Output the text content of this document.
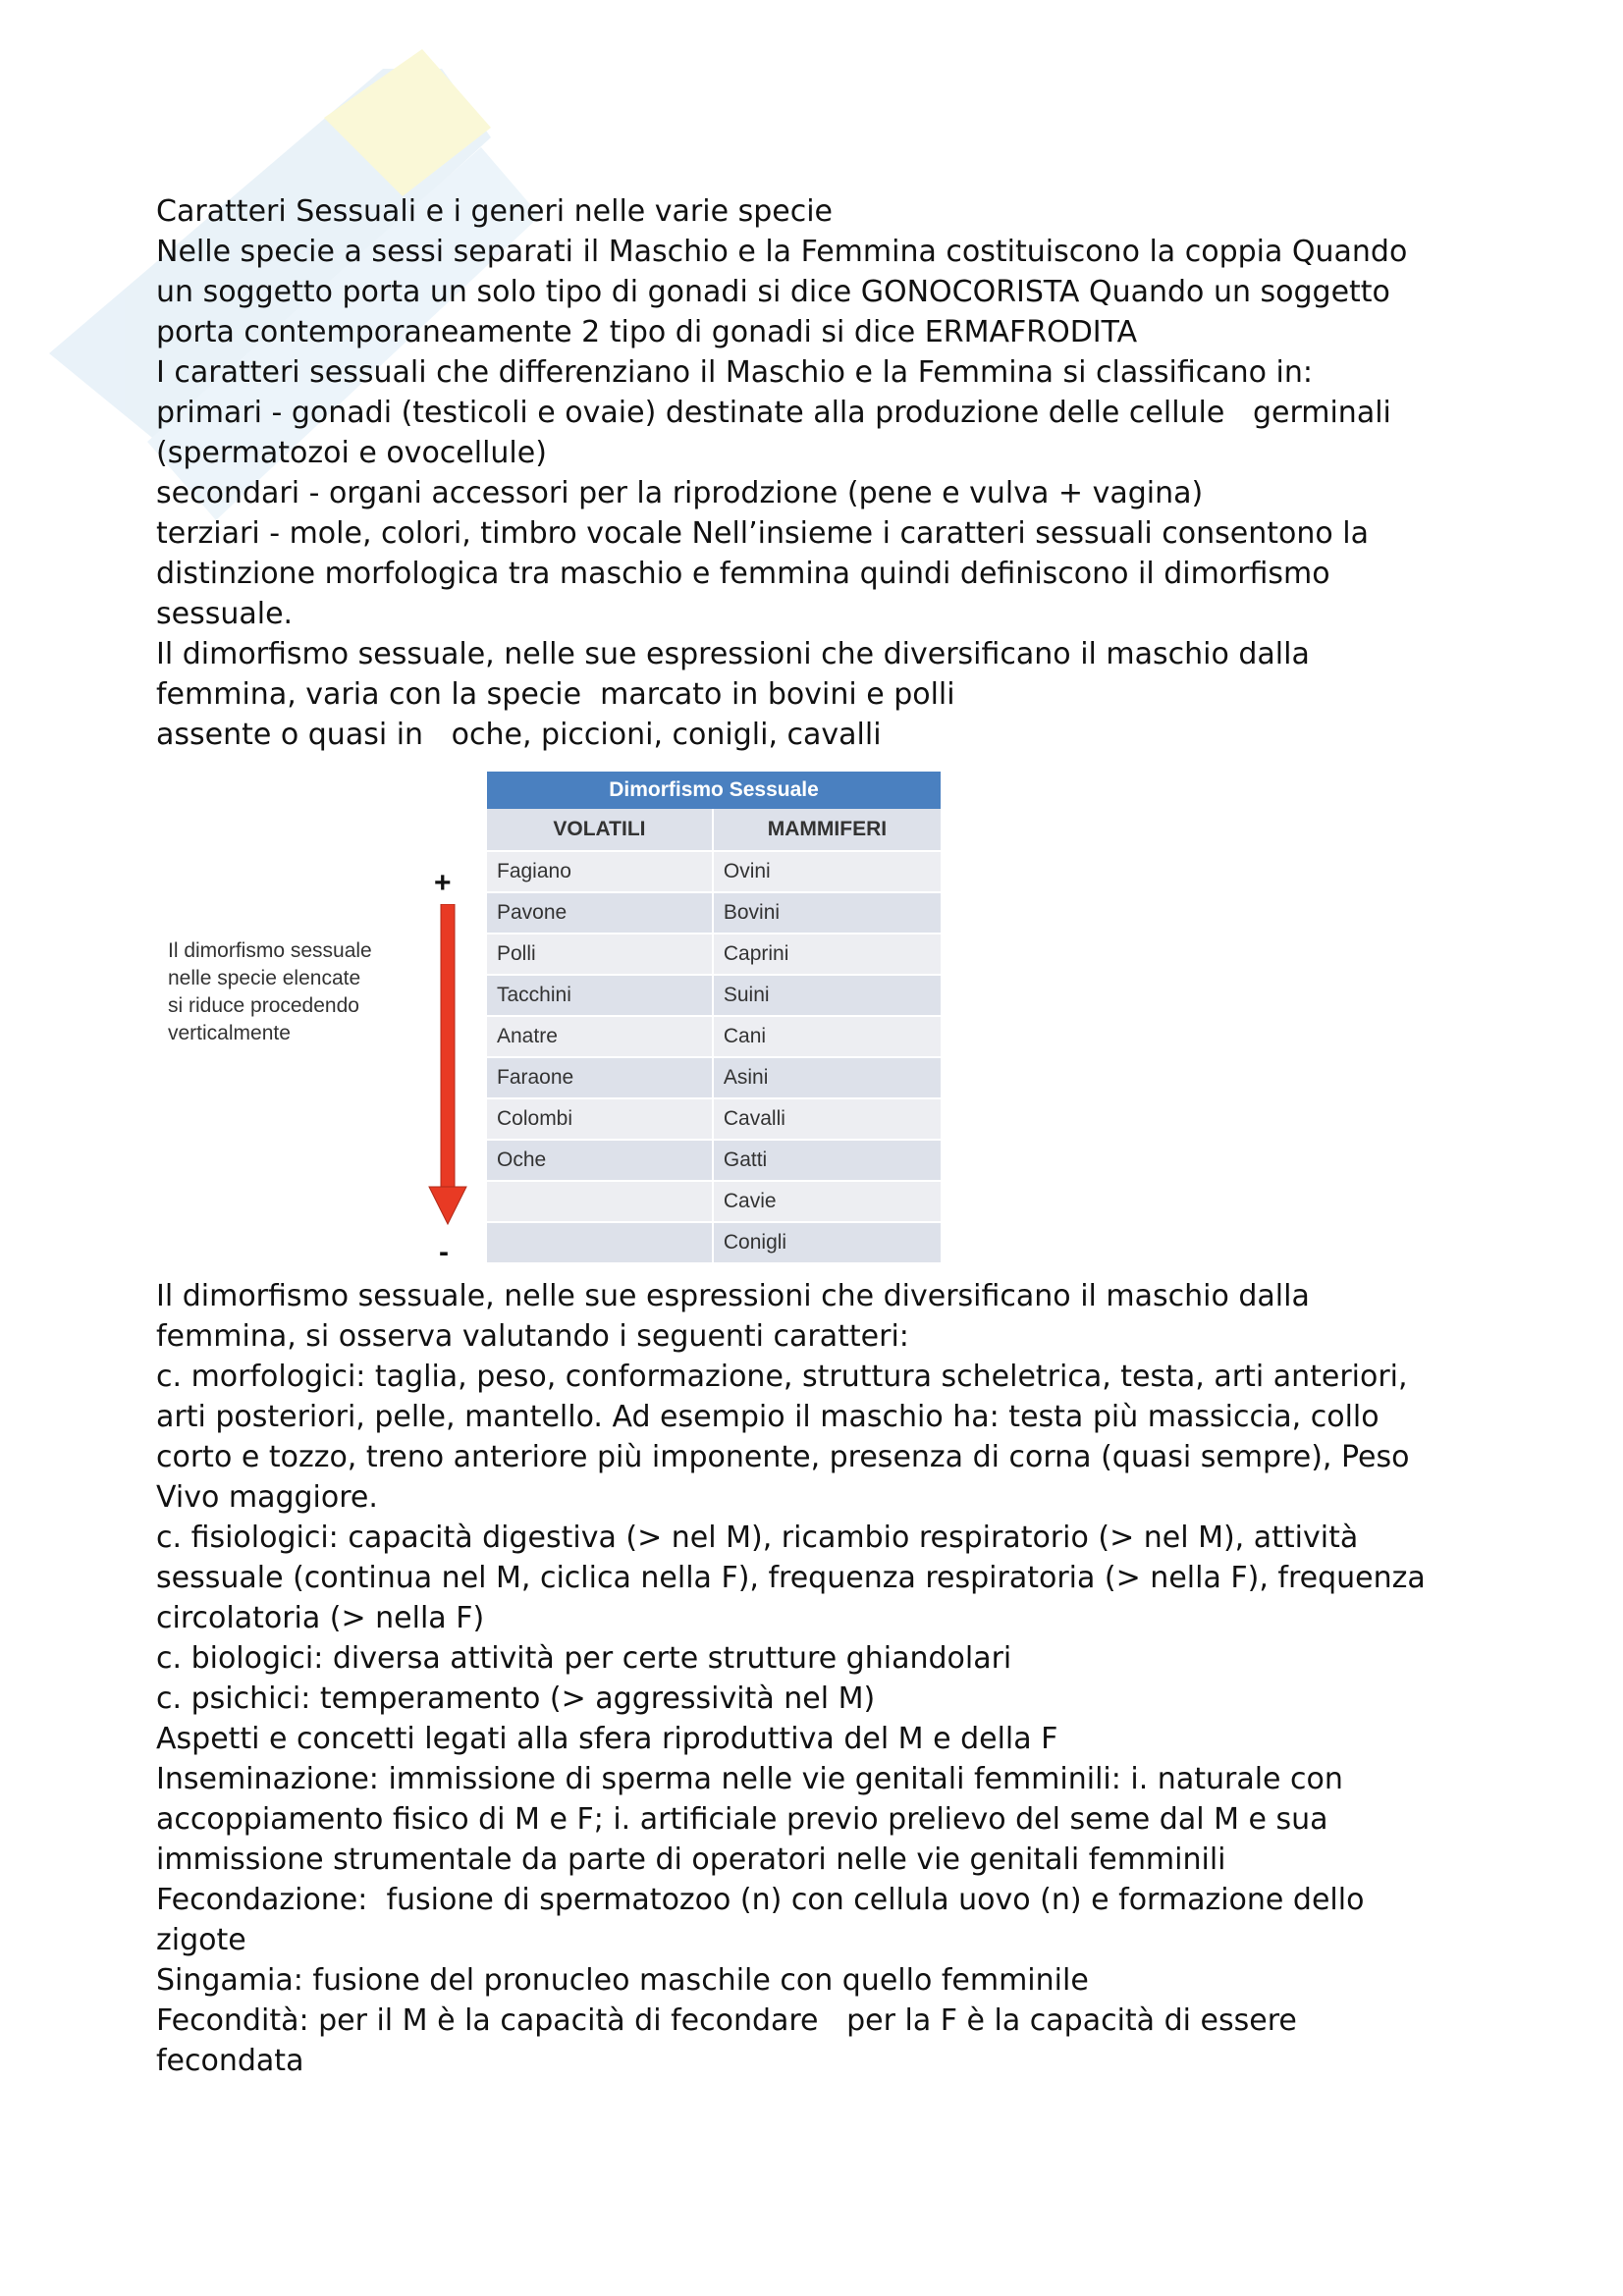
Caratteri Sessuali e i generi nelle varie specie

Nelle specie a sessi separati il Maschio e la Femmina costituiscono la coppia Quando

un soggetto porta un solo tipo di gonadi si dice GONOCORISTA Quando un soggetto

porta contemporaneamente 2 tipo di gonadi si dice ERMAFRODITA

I caratteri sessuali che differenziano il Maschio e la Femmina si classificano in:

primari - gonadi (testicoli e ovaie) destinate alla produzione delle cellule   germinali

(spermatozoi e ovocellule)

secondari - organi accessori per la riprodzione (pene e vulva + vagina)

terziari - mole, colori, timbro vocale Nell’insieme i caratteri sessuali consentono la

distinzione morfologica tra maschio e femmina quindi definiscono il dimorfismo

sessuale.

Il dimorfismo sessuale, nelle sue espressioni che diversificano il maschio dalla

femmina, varia con la specie  marcato in bovini e polli

assente o quasi in   oche, piccioni, conigli, cavalli

Il dimorfismo sessuale

nelle specie elencate

si riduce procedendo

verticalmente

+
-
Dimorfismo Sessuale	
VOLATILI	MAMMIFERI
Fagiano	Ovini
Pavone	Bovini
Polli	Caprini
Tacchini	Suini
Anatre	Cani
Faraone	Asini
Colombi	Cavalli
Oche	Gatti
	Cavie
	Conigli

Il dimorfismo sessuale, nelle sue espressioni che diversificano il maschio dalla

femmina, si osserva valutando i seguenti caratteri:

c. morfologici: taglia, peso, conformazione, struttura scheletrica, testa, arti anteriori,

arti posteriori, pelle, mantello. Ad esempio il maschio ha: testa più massiccia, collo

corto e tozzo, treno anteriore più imponente, presenza di corna (quasi sempre), Peso

Vivo maggiore.

c. fisiologici: capacità digestiva (> nel M), ricambio respiratorio (> nel M), attività

sessuale (continua nel M, ciclica nella F), frequenza respiratoria (> nella F), frequenza

circolatoria (> nella F)

c. biologici: diversa attività per certe strutture ghiandolari

c. psichici: temperamento (> aggressività nel M)

Aspetti e concetti legati alla sfera riproduttiva del M e della F

Inseminazione: immissione di sperma nelle vie genitali femminili: i. naturale con

accoppiamento fisico di M e F; i. artificiale previo prelievo del seme dal M e sua

immissione strumentale da parte di operatori nelle vie genitali femminili

Fecondazione:  fusione di spermatozoo (n) con cellula uovo (n) e formazione dello

zigote

Singamia: fusione del pronucleo maschile con quello femminile

Fecondità: per il M è la capacità di fecondare   per la F è la capacità di essere

fecondata
